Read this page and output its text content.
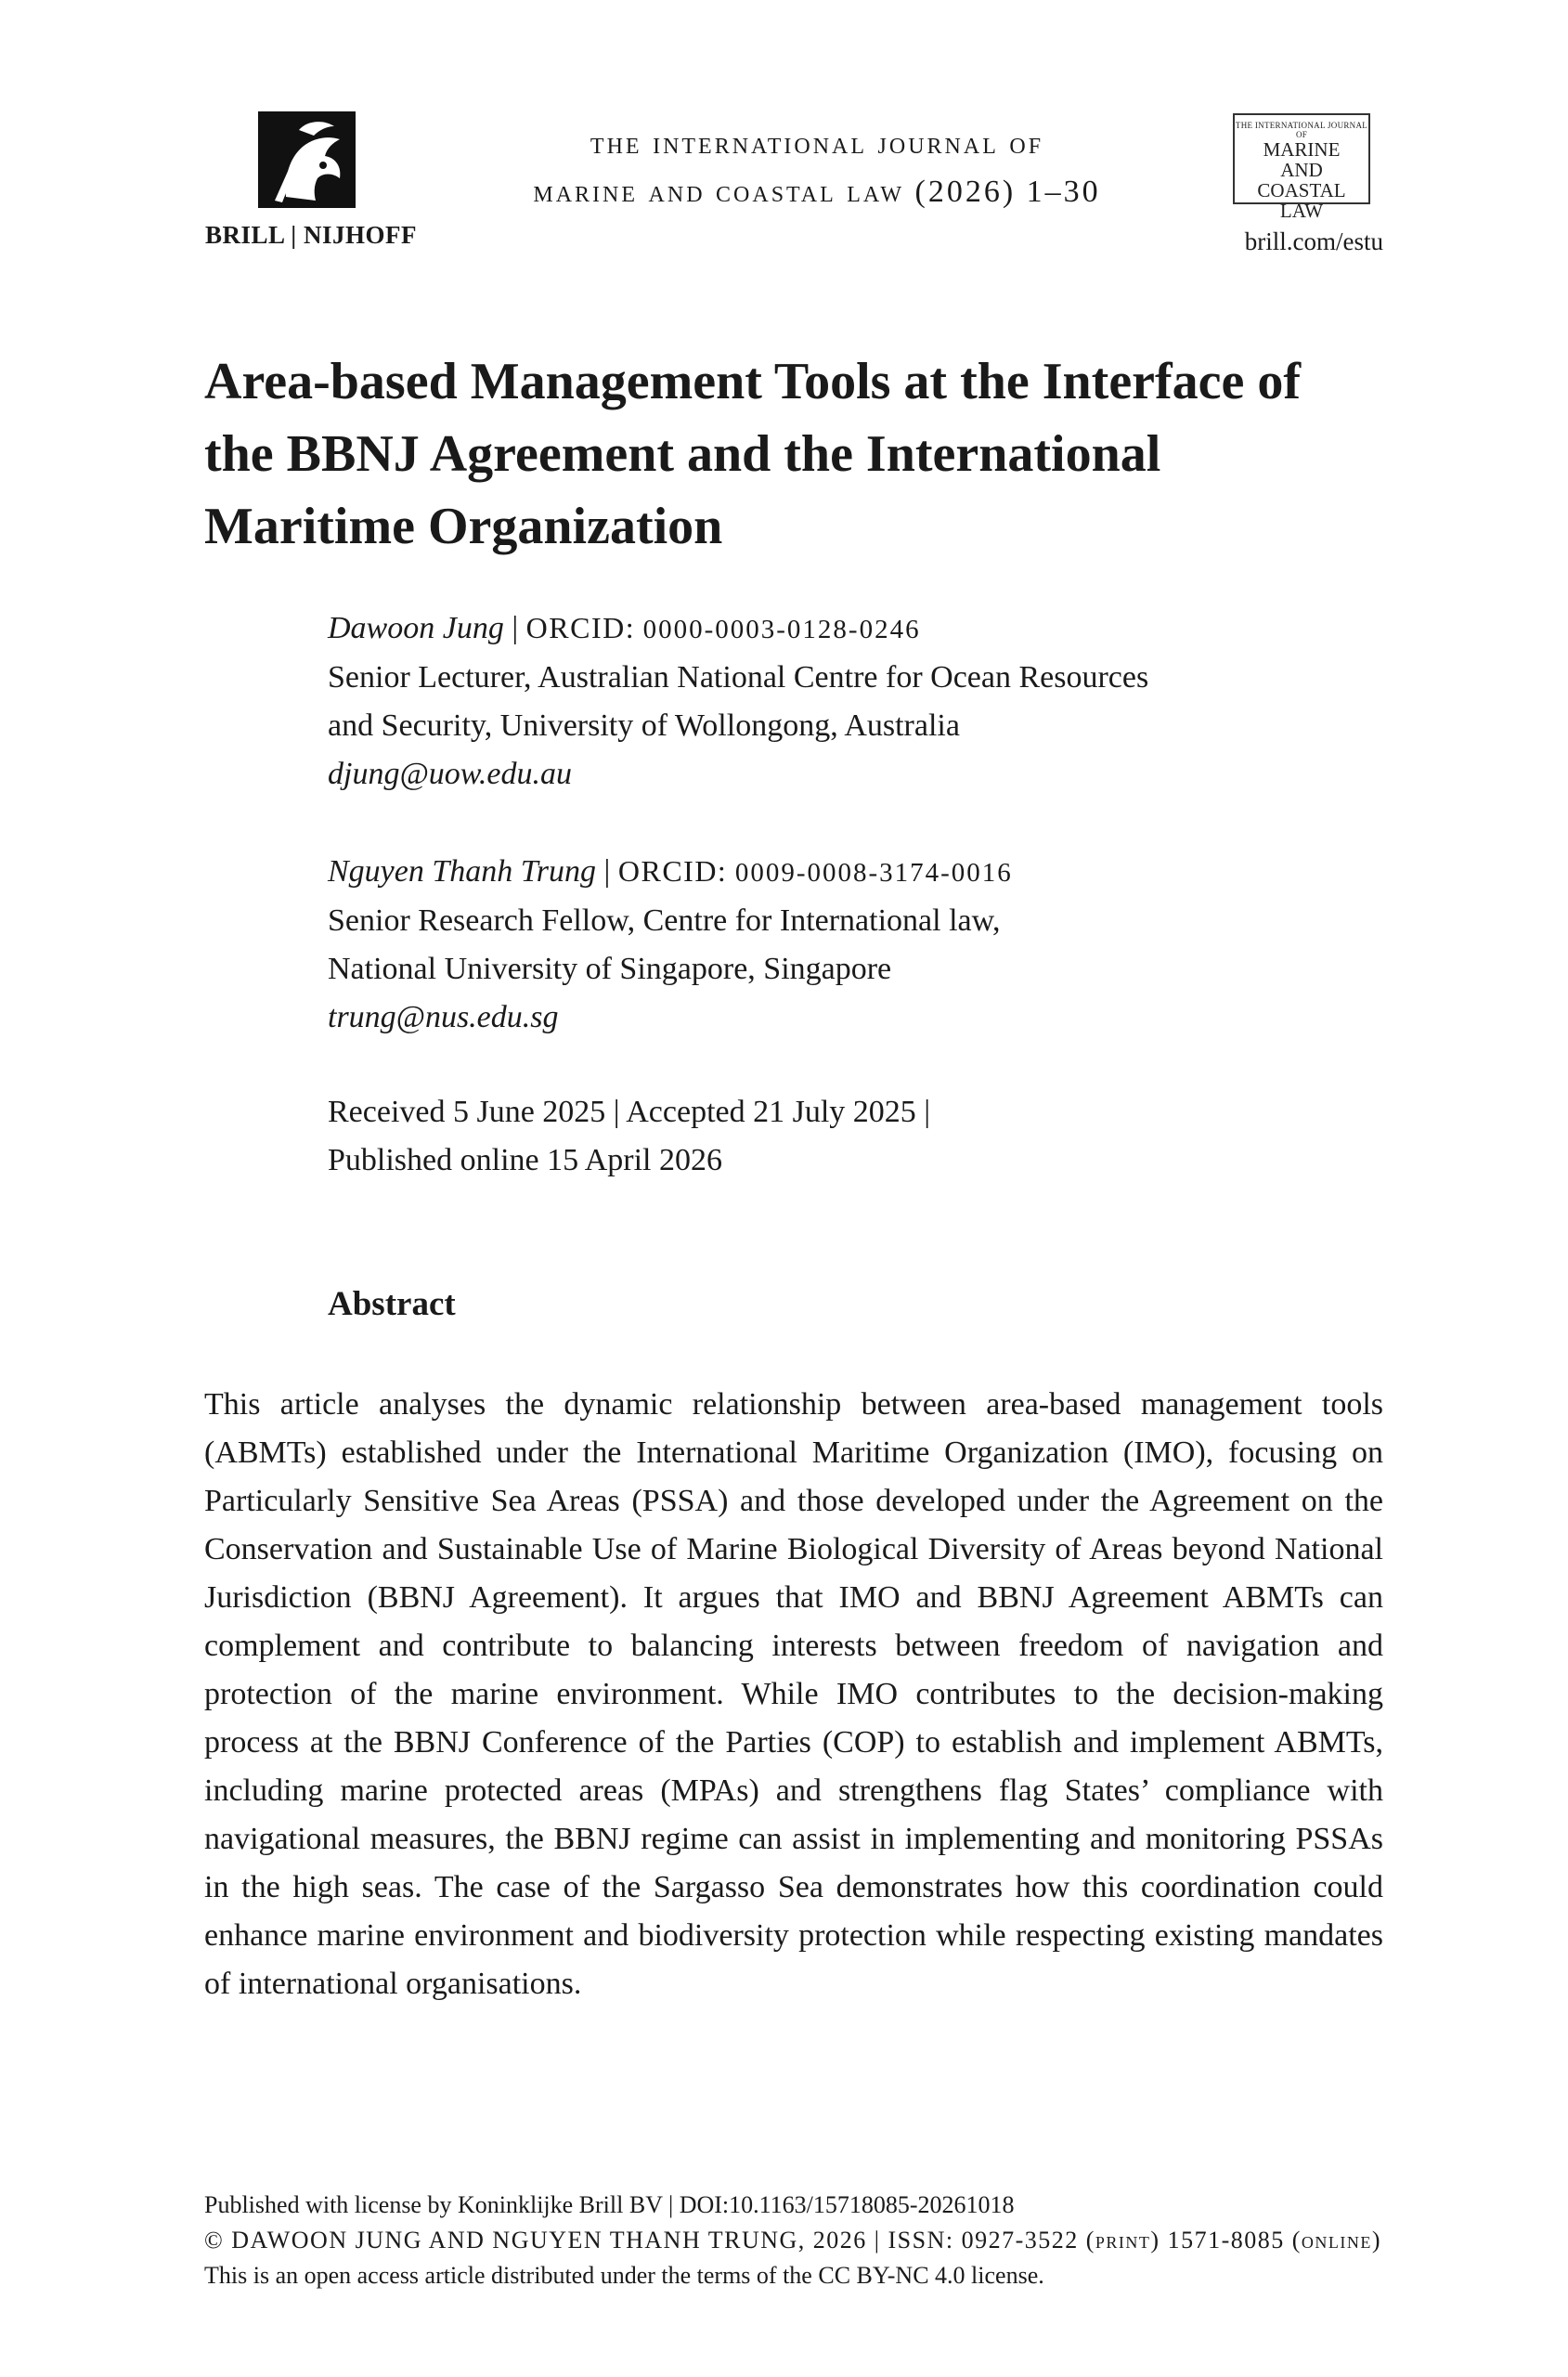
BRILL | NIJHOFF
the international journal of
marine and coastal law (2026) 1–30
THE INTERNATIONAL JOURNAL OF
MARINE
AND COASTAL
LAW
brill.com/estu
Area-based Management Tools at the Interface of the BBNJ Agreement and the International Maritime Organization
Dawoon Jung | ORCID: 0000-0003-0128-0246
Senior Lecturer, Australian National Centre for Ocean Resources
and Security, University of Wollongong, Australia
djung@uow.edu.au
Nguyen Thanh Trung | ORCID: 0009-0008-3174-0016
Senior Research Fellow, Centre for International law,
National University of Singapore, Singapore
trung@nus.edu.sg
Received 5 June 2025 | Accepted 21 July 2025 |
Published online 15 April 2026
Abstract
This article analyses the dynamic relationship between area-based management tools (ABMTs) established under the International Maritime Organization (IMO), focusing on Particularly Sensitive Sea Areas (PSSA) and those developed under the Agreement on the Conservation and Sustainable Use of Marine Biological Diversity of Areas beyond National Jurisdiction (BBNJ Agreement). It argues that IMO and BBNJ Agreement ABMTs can complement and contribute to balancing interests between freedom of navigation and protection of the marine environment. While IMO contributes to the decision-making process at the BBNJ Conference of the Parties (COP) to establish and implement ABMTs, including marine protected areas (MPAs) and strengthens flag States’ compliance with navigational measures, the BBNJ regime can assist in implementing and monitoring PSSAs in the high seas. The case of the Sargasso Sea demonstrates how this coordination could enhance marine environment and biodiversity protection while respecting existing mandates of international organisations.
Published with license by Koninklijke Brill BV | DOI:10.1163/15718085-20261018
© DAWOON JUNG AND NGUYEN THANH TRUNG, 2026 | ISSN: 0927-3522 (print) 1571-8085 (online)
This is an open access article distributed under the terms of the CC BY-NC 4.0 license.
